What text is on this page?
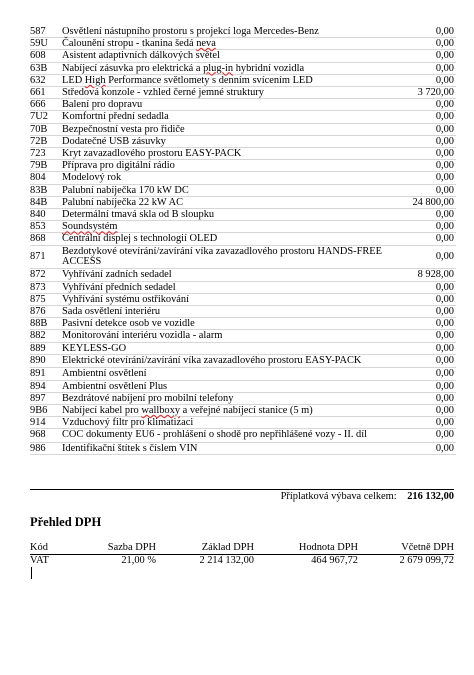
587	Osvětlení nástupního prostoru s projekcí loga Mercedes-Benz	0,00
59U	Čalounění stropu - tkanina šedá neva	0,00
608	Asistent adaptivních dálkových světel	0,00
63B	Nabíjecí zásuvka pro elektrická a plug-in hybridní vozidla	0,00
632	LED High Performance světlomety s denním svícením LED	0,00
661	Středová konzole - vzhled černé jemné struktury	3 720,00
666	Balení pro dopravu	0,00
7U2	Komfortní přední sedadla	0,00
70B	Bezpečnostní vesta pro řidiče	0,00
72B	Dodatečné USB zásuvky	0,00
723	Kryt zavazadlového prostoru EASY-PACK	0,00
79B	Příprava pro digitální rádio	0,00
804	Modelový rok	0,00
83B	Palubní nabíječka 170 kW DC	0,00
84B	Palubní nabíječka 22 kW AC	24 800,00
840	Determální tmavá skla od B sloupku	0,00
853	Soundsystém	0,00
868	Centrální displej s technologií OLED	0,00
871	Bezdotykové otevírání/zavírání víka zavazadlového prostoru HANDS-FREE ACCESS	0,00
872	Vyhřívání zadních sedadel	8 928,00
873	Vyhřívání předních sedadel	0,00
875	Vyhřívání systému ostřikování	0,00
876	Sada osvětlení interiéru	0,00
88B	Pasivní detekce osob ve vozidle	0,00
882	Monitorování interiéru vozidla - alarm	0,00
889	KEYLESS-GO	0,00
890	Elektrické otevírání/zavírání víka zavazadlového prostoru EASY-PACK	0,00
891	Ambientní osvětlení	0,00
894	Ambientní osvětlení Plus	0,00
897	Bezdrátové nabíjení pro mobilní telefony	0,00
9B6	Nabíjecí kabel pro wallboxy a veřejné nabíjecí stanice (5 m)	0,00
914	Vzduchový filtr pro klimatizaci	0,00
968	COC dokumenty EU6 - prohlášení o shodě pro nepřihlášené vozy - II. díl	0,00
986	Identifikační štítek s číslem VIN	0,00
Příplatková výbava celkem: 216 132,00
Přehled DPH
Kód	Sazba DPH	Základ DPH	Hodnota DPH	Včetně DPH
VAT	21,00 %	2 214 132,00	464 967,72	2 679 099,72
